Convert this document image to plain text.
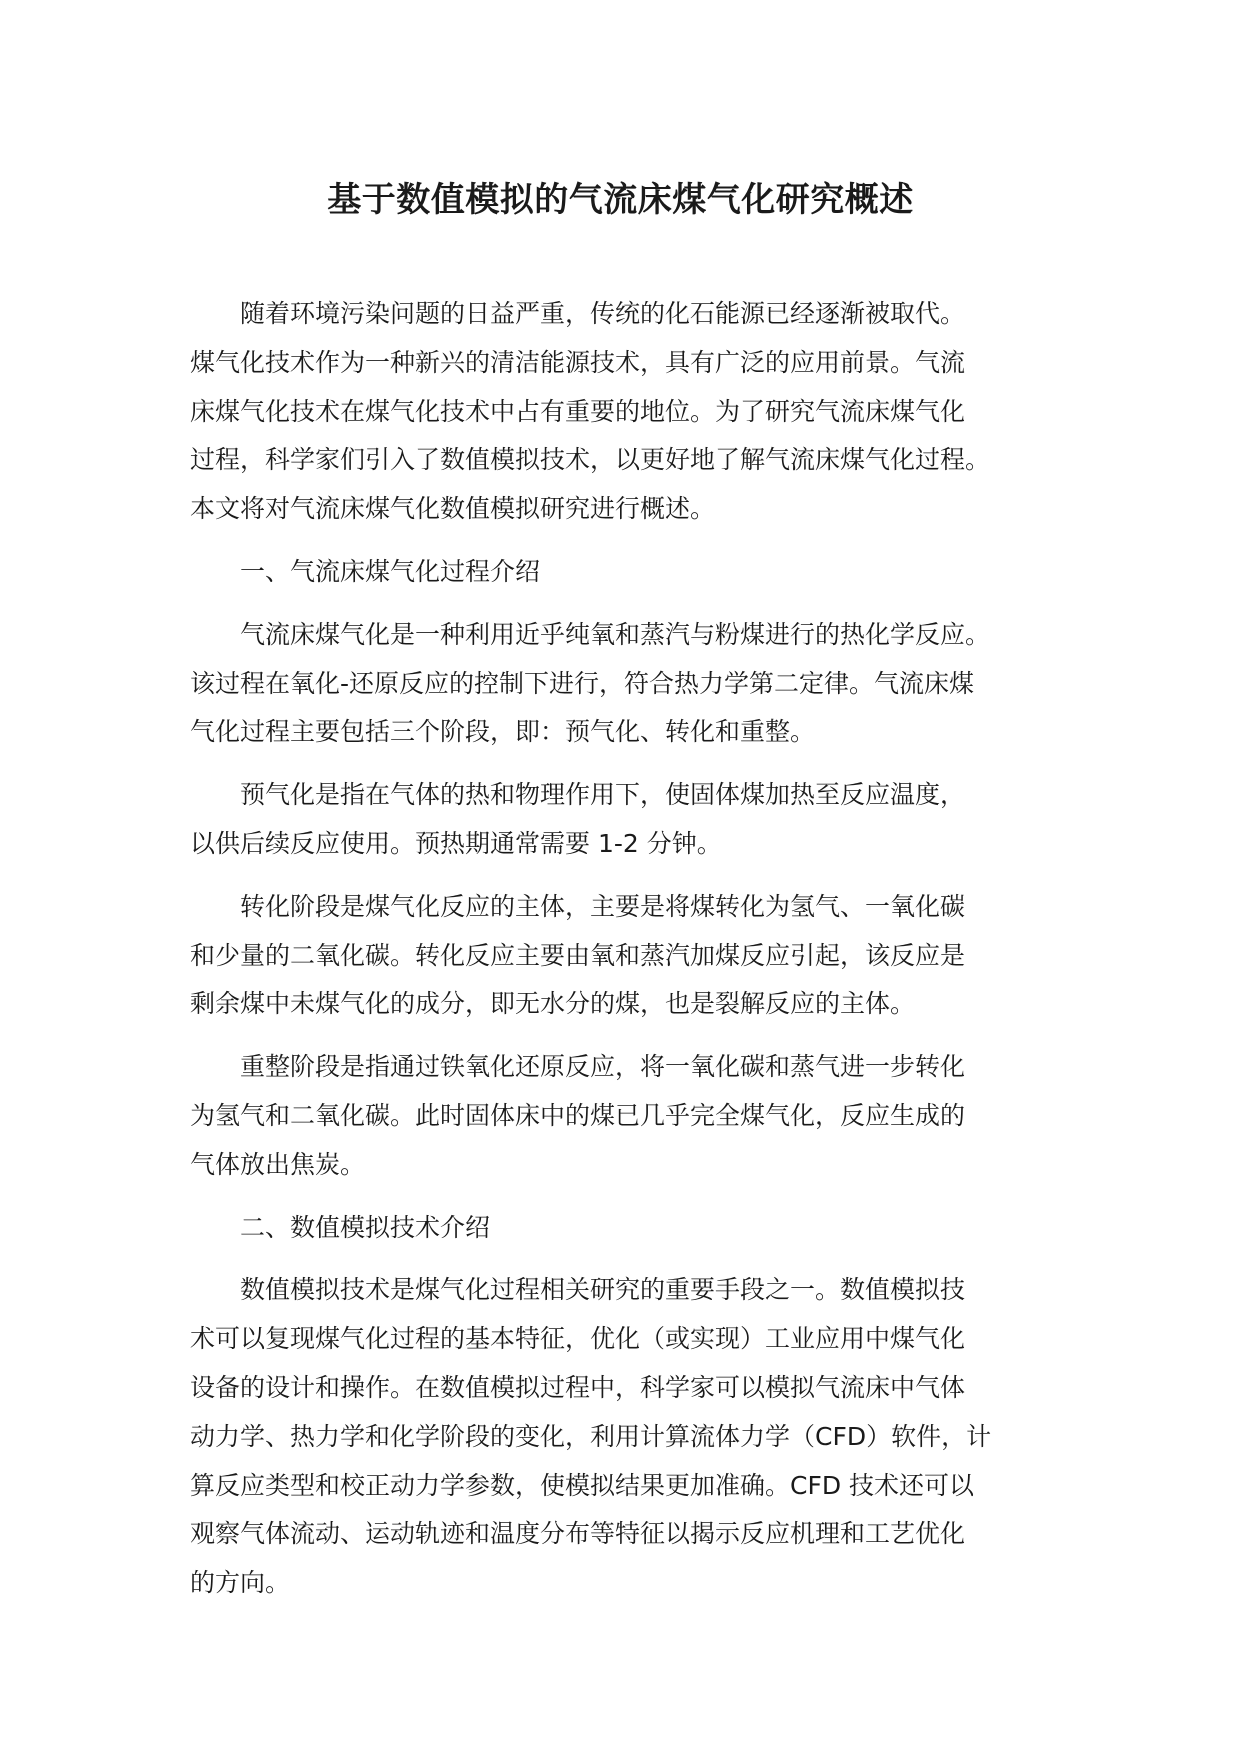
基于数值模拟的气流床煤气化研究概述

随着环境污染问题的日益严重，传统的化石能源已经逐渐被取代。
煤气化技术作为一种新兴的清洁能源技术，具有广泛的应用前景。气流
床煤气化技术在煤气化技术中占有重要的地位。为了研究气流床煤气化
过程，科学家们引入了数值模拟技术，以更好地了解气流床煤气化过程。
本文将对气流床煤气化数值模拟研究进行概述。

一、气流床煤气化过程介绍

气流床煤气化是一种利用近乎纯氧和蒸汽与粉煤进行的热化学反应。
该过程在氧化-还原反应的控制下进行，符合热力学第二定律。气流床煤
气化过程主要包括三个阶段，即：预气化、转化和重整。

预气化是指在气体的热和物理作用下，使固体煤加热至反应温度，
以供后续反应使用。预热期通常需要 1-2 分钟。

转化阶段是煤气化反应的主体，主要是将煤转化为氢气、一氧化碳
和少量的二氧化碳。转化反应主要由氧和蒸汽加煤反应引起，该反应是
剩余煤中未煤气化的成分，即无水分的煤，也是裂解反应的主体。

重整阶段是指通过铁氧化还原反应，将一氧化碳和蒸气进一步转化
为氢气和二氧化碳。此时固体床中的煤已几乎完全煤气化，反应生成的
气体放出焦炭。

二、数值模拟技术介绍

数值模拟技术是煤气化过程相关研究的重要手段之一。数值模拟技
术可以复现煤气化过程的基本特征，优化（或实现）工业应用中煤气化
设备的设计和操作。在数值模拟过程中，科学家可以模拟气流床中气体
动力学、热力学和化学阶段的变化，利用计算流体力学（CFD）软件，计
算反应类型和校正动力学参数，使模拟结果更加准确。CFD 技术还可以
观察气体流动、运动轨迹和温度分布等特征以揭示反应机理和工艺优化
的方向。
